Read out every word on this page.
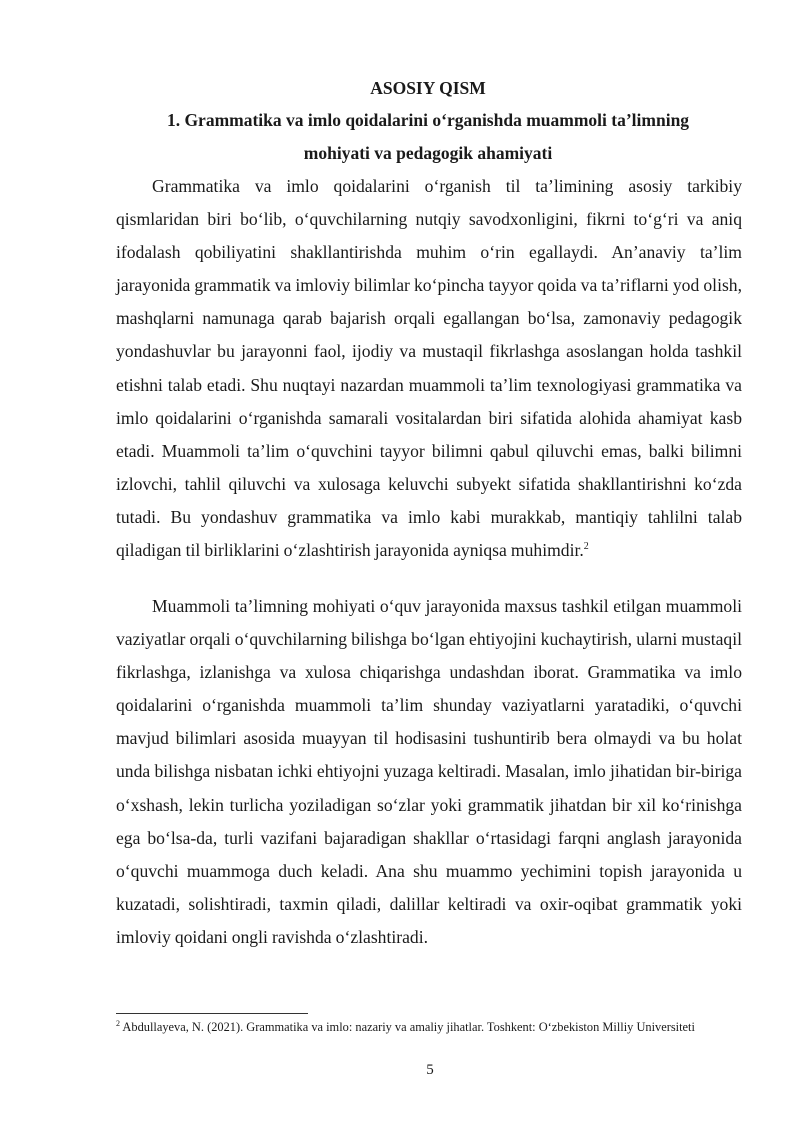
ASOSIY QISM
1. Grammatika va imlo qoidalarini o‘rganishda muammoli ta’limning
mohiyati va pedagogik ahamiyati

Grammatika va imlo qoidalarini o‘rganish til ta’limining asosiy tarkibiy qismlaridan biri bo‘lib, o‘quvchilarning nutqiy savodxonligini, fikrni to‘g‘ri va aniq ifodalash qobiliyatini shakllantirishda muhim o‘rin egallaydi. An’anaviy ta’lim jarayonida grammatik va imloviy bilimlar ko‘pincha tayyor qoida va ta’riflarni yod olish, mashqlarni namunaga qarab bajarish orqali egallangan bo‘lsa, zamonaviy pedagogik yondashuvlar bu jarayonni faol, ijodiy va mustaqil fikrlashga asoslangan holda tashkil etishni talab etadi. Shu nuqtayi nazardan muammoli ta’lim texnologiyasi grammatika va imlo qoidalarini o‘rganishda samarali vositalardan biri sifatida alohida ahamiyat kasb etadi. Muammoli ta’lim o‘quvchini tayyor bilimni qabul qiluvchi emas, balki bilimni izlovchi, tahlil qiluvchi va xulosaga keluvchi subyekt sifatida shakllantirishni ko‘zda tutadi. Bu yondashuv grammatika va imlo kabi murakkab, mantiqiy tahlilni talab qiladigan til birliklarini o‘zlashtirish jarayonida ayniqsa muhimdir.$^2$

Muammoli ta’limning mohiyati o‘quv jarayonida maxsus tashkil etilgan muammoli vaziyatlar orqali o‘quvchilarning bilishga bo‘lgan ehtiyojini kuchaytirish, ularni mustaqil fikrlashga, izlanishga va xulosa chiqarishga undashdan iborat. Grammatika va imlo qoidalarini o‘rganishda muammoli ta’lim shunday vaziyatlarni yaratadiki, o‘quvchi mavjud bilimlari asosida muayyan til hodisasini tushuntirib bera olmaydi va bu holat unda bilishga nisbatan ichki ehtiyojni yuzaga keltiradi. Masalan, imlo jihatidan bir-biriga o‘xshash, lekin turlicha yoziladigan so‘zlar yoki grammatik jihatdan bir xil ko‘rinishga ega bo‘lsa-da, turli vazifani bajaradigan shakllar o‘rtasidagi farqni anglash jarayonida o‘quvchi muammoga duch keladi. Ana shu muammo yechimini topish jarayonida u kuzatadi, solishtiradi, taxmin qiladi, dalillar keltiradi va oxir-oqibat grammatik yoki imloviy qoidani ongli ravishda o‘zlashtiradi.

$^2$ Abdullayeva, N. (2021). Grammatika va imlo: nazariy va amaliy jihatlar. Toshkent: O‘zbekiston Milliy Universiteti

5
